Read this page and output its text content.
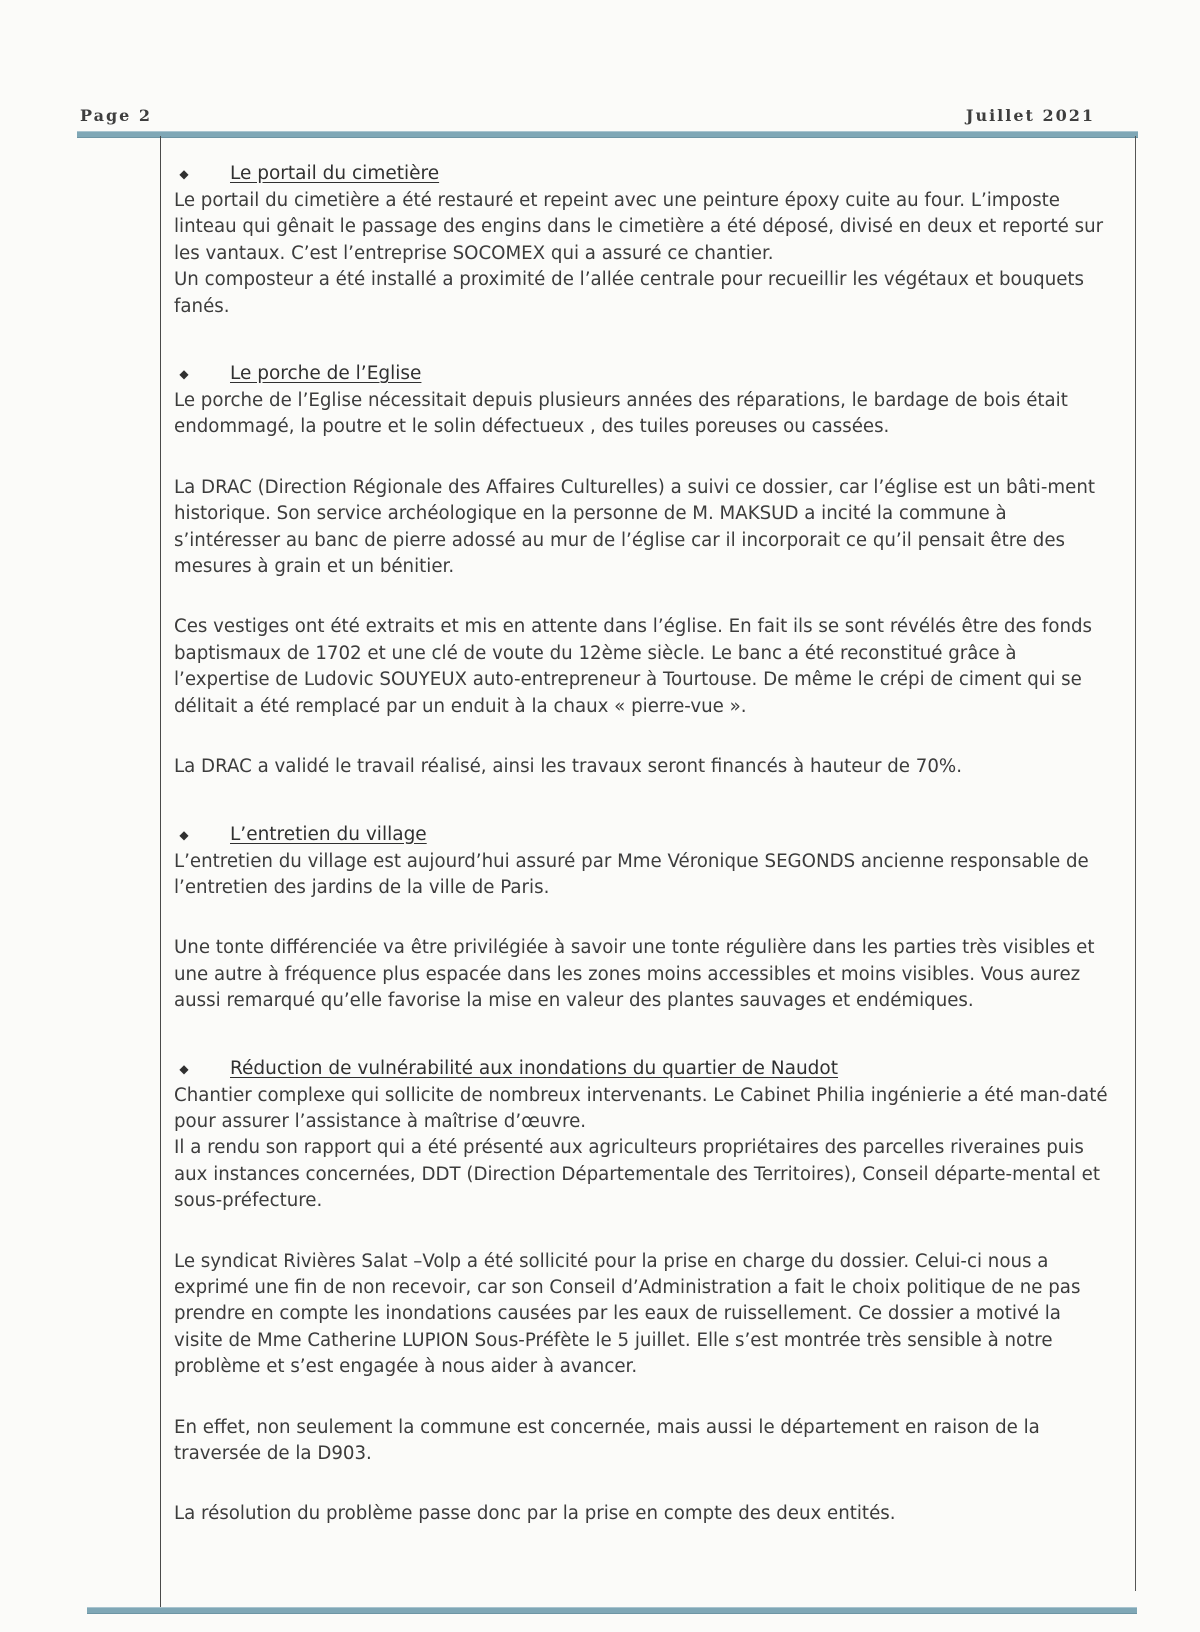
Page 2	Juillet 2021
◆ Le portail du cimetière

Le portail du cimetière a été restauré et repeint avec une peinture époxy cuite au four. L’imposte linteau qui gênait le passage des engins dans le cimetière a été déposé, divisé en deux et reporté sur les vantaux. C’est l’entreprise SOCOMEX qui a assuré ce chantier.

Un composteur a été installé a proximité de l’allée centrale pour recueillir les végétaux et bouquets fanés.

◆ Le porche de l’Eglise

Le porche de l’Eglise nécessitait depuis plusieurs années des réparations, le bardage de bois était endommagé, la poutre et le solin défectueux , des tuiles poreuses ou cassées.

La DRAC (Direction Régionale des Affaires Culturelles) a suivi ce dossier, car l’église est un bâti-ment historique. Son service archéologique en la personne de M. MAKSUD a incité la commune à s’intéresser au banc de pierre adossé au mur de l’église car il incorporait ce qu’il pensait être des mesures à grain et un bénitier.

Ces vestiges ont été extraits et mis en attente dans l’église. En fait ils se sont révélés être des fonds baptismaux de 1702 et une clé de voute du 12ème siècle. Le banc a été reconstitué grâce à l’expertise de Ludovic SOUYEUX auto-entrepreneur à Tourtouse. De même le crépi de ciment qui se délitait a été remplacé par un enduit à la chaux « pierre-vue ».

La DRAC a validé le travail réalisé, ainsi les travaux seront financés à hauteur de 70%.

◆ L’entretien du village

L’entretien du village est aujourd’hui assuré par Mme Véronique SEGONDS ancienne responsable de l’entretien des jardins de la ville de Paris.

Une tonte différenciée va être privilégiée à savoir une tonte régulière dans les parties très visibles et une autre à fréquence plus espacée dans les zones moins accessibles et moins visibles. Vous aurez aussi remarqué qu’elle favorise la mise en valeur des plantes sauvages et endémiques.

◆ Réduction de vulnérabilité aux inondations du quartier de Naudot

Chantier complexe qui sollicite de nombreux intervenants. Le Cabinet Philia ingénierie a été man-daté pour assurer l’assistance à maîtrise d’œuvre.

Il a rendu son rapport qui a été présenté aux agriculteurs propriétaires des parcelles riveraines puis aux instances concernées, DDT (Direction Départementale des Territoires), Conseil départe-mental et sous-préfecture.

Le syndicat Rivières Salat –Volp a été sollicité pour la prise en charge du dossier. Celui-ci nous a exprimé une fin de non recevoir, car son Conseil d’Administration a fait le choix politique de ne pas prendre en compte les inondations causées par les eaux de ruissellement. Ce dossier a motivé la visite de Mme Catherine LUPION Sous-Préfète le 5 juillet. Elle s’est montrée très sensible à notre problème et s’est engagée à nous aider à avancer.

En effet, non seulement la commune est concernée, mais aussi le département en raison de la traversée de la D903.

La résolution du problème passe donc par la prise en compte des deux entités.
